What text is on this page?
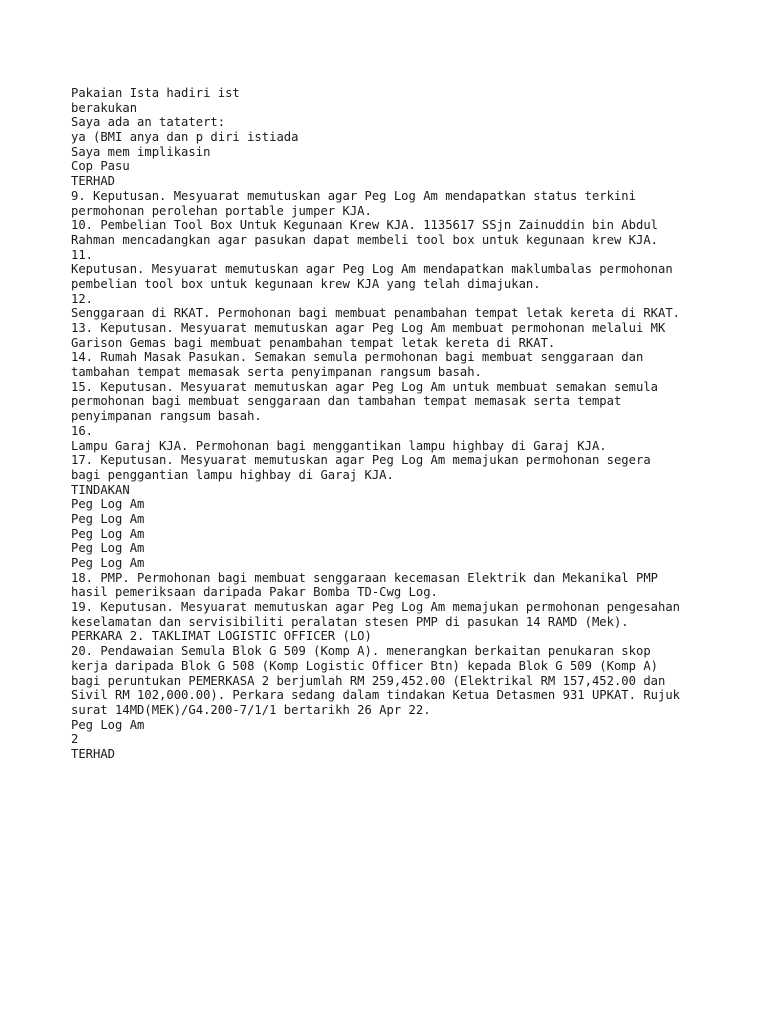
Pakaian Ista hadiri ist
berakukan
Saya ada an tatatert:
ya (BMI anya dan p diri istiada
Saya mem implikasin
Cop Pasu
TERHAD
9. Keputusan. Mesyuarat memutuskan agar Peg Log Am mendapatkan status terkini
permohonan perolehan portable jumper KJA.
10. Pembelian Tool Box Untuk Kegunaan Krew KJA. 1135617 SSjn Zainuddin bin Abdul
Rahman mencadangkan agar pasukan dapat membeli tool box untuk kegunaan krew KJA.
11.
Keputusan. Mesyuarat memutuskan agar Peg Log Am mendapatkan maklumbalas permohonan
pembelian tool box untuk kegunaan krew KJA yang telah dimajukan.
12.
Senggaraan di RKAT. Permohonan bagi membuat penambahan tempat letak kereta di RKAT.
13. Keputusan. Mesyuarat memutuskan agar Peg Log Am membuat permohonan melalui MK
Garison Gemas bagi membuat penambahan tempat letak kereta di RKAT.
14. Rumah Masak Pasukan. Semakan semula permohonan bagi membuat senggaraan dan
tambahan tempat memasak serta penyimpanan rangsum basah.
15. Keputusan. Mesyuarat memutuskan agar Peg Log Am untuk membuat semakan semula
permohonan bagi membuat senggaraan dan tambahan tempat memasak serta tempat
penyimpanan rangsum basah.
16.
Lampu Garaj KJA. Permohonan bagi menggantikan lampu highbay di Garaj KJA.
17. Keputusan. Mesyuarat memutuskan agar Peg Log Am memajukan permohonan segera
bagi penggantian lampu highbay di Garaj KJA.
TINDAKAN
Peg Log Am
Peg Log Am
Peg Log Am
Peg Log Am
Peg Log Am
18. PMP. Permohonan bagi membuat senggaraan kecemasan Elektrik dan Mekanikal PMP
hasil pemeriksaan daripada Pakar Bomba TD-Cwg Log.
19. Keputusan. Mesyuarat memutuskan agar Peg Log Am memajukan permohonan pengesahan
keselamatan dan servisibiliti peralatan stesen PMP di pasukan 14 RAMD (Mek).
PERKARA 2. TAKLIMAT LOGISTIC OFFICER (LO)
20. Pendawaian Semula Blok G 509 (Komp A). menerangkan berkaitan penukaran skop
kerja daripada Blok G 508 (Komp Logistic Officer Btn) kepada Blok G 509 (Komp A)
bagi peruntukan PEMERKASA 2 berjumlah RM 259,452.00 (Elektrikal RM 157,452.00 dan
Sivil RM 102,000.00). Perkara sedang dalam tindakan Ketua Detasmen 931 UPKAT. Rujuk
surat 14MD(MEK)/G4.200-7/1/1 bertarikh 26 Apr 22.
Peg Log Am
2
TERHAD
